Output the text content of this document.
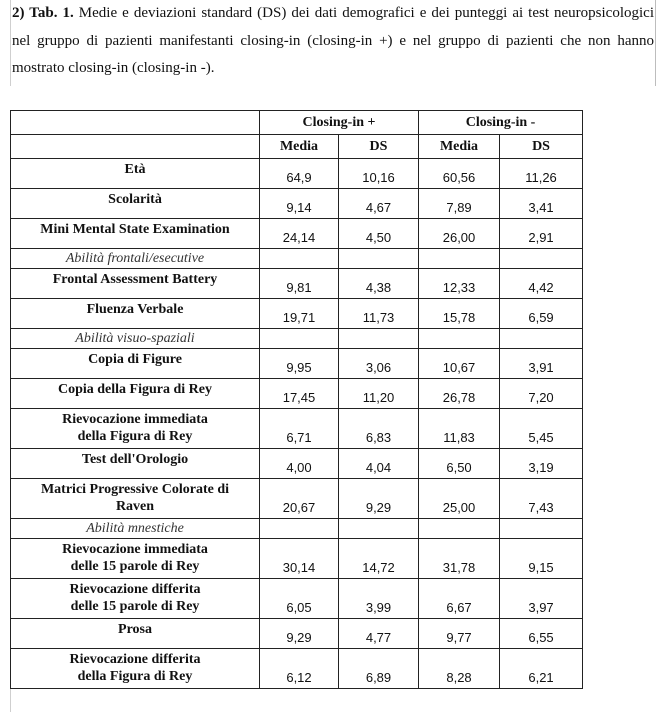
2) Tab. 1. Medie e deviazioni standard (DS) dei dati demografici e dei punteggi ai test neuropsicologici nel gruppo di pazienti manifestanti closing-in (closing-in +) e nel gruppo di pazienti che non hanno mostrato closing-in (closing-in -).
	Closing-in +		Closing-in -	
	Media	DS	Media	DS
Età	64,9	10,16	60,56	11,26
Scolarità	9,14	4,67	7,89	3,41
Mini Mental State Examination	24,14	4,50	26,00	2,91
Abilità frontali/esecutive				
Frontal Assessment Battery	9,81	4,38	12,33	4,42
Fluenza Verbale	19,71	11,73	15,78	6,59
Abilità visuo-spaziali				
Copia di Figure	9,95	3,06	10,67	3,91
Copia della Figura di Rey	17,45	11,20	26,78	7,20
Rievocazione immediata
della Figura di Rey	6,71	6,83	11,83	5,45
Test dell'Orologio	4,00	4,04	6,50	3,19
Matrici Progressive Colorate di
Raven	20,67	9,29	25,00	7,43
Abilità mnestiche				
Rievocazione immediata
delle 15 parole di Rey	30,14	14,72	31,78	9,15
Rievocazione differita
delle 15 parole di Rey	6,05	3,99	6,67	3,97
Prosa	9,29	4,77	9,77	6,55
Rievocazione differita
della Figura di Rey	6,12	6,89	8,28	6,21
